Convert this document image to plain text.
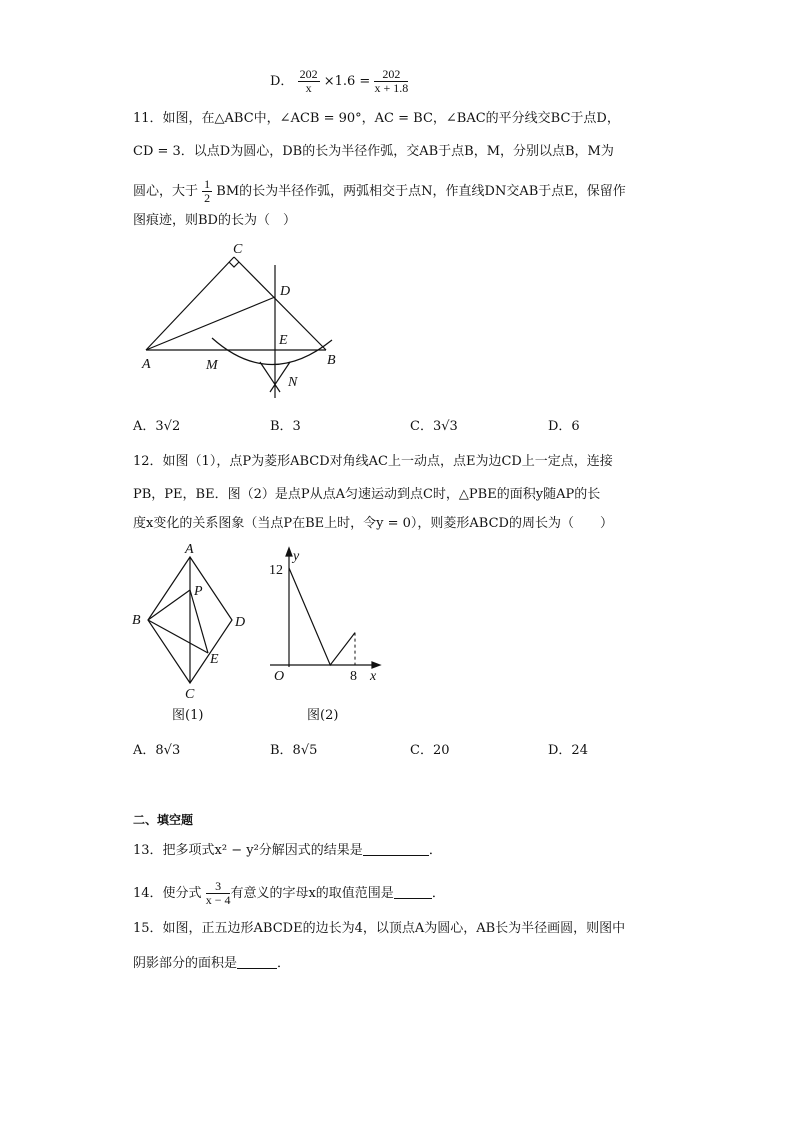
D． $\frac{202}{x} \times 1.6 = \frac{202}{x + 1.8}$
11．如图，在△ABC中，∠ACB = 90°，AC = BC，∠BAC的平分线交BC于点D，
CD = 3．以点D为圆心，DB的长为半径作弧，交AB于点B，M，分别以点B，M为
圆心，大于 $\frac{1}{2}$ BM的长为半径作弧，两弧相交于点N，作直线DN交AB于点E，保留作
图痕迹，则BD的长为（　）
C
D
E
A	M	B
N
A．3√2	B．3	C．3√3	D．6
12．如图（1），点P为菱形ABCD对角线AC上一动点，点E为边CD上一定点，连接
PB，PE，BE．图（2）是点P从点A匀速运动到点C时，△PBE的面积y随AP的长
度x变化的关系图象（当点P在BE上时，令y = 0），则菱形ABCD的周长为（　　）
A
B
P
D
E
C
图(1)
y
x
O
12
8
图(2)
A．8√3	B．8√5	C．20	D．24
二、填空题
13．把多项式x² − y²分解因式的结果是	．
14．使分式 $\frac{3}{x - 4}$ 有意义的字母x的取值范围是	．
15．如图，正五边形ABCDE的边长为4，以顶点A为圆心，AB长为半径画圆，则图中
阴影部分的面积是	．
